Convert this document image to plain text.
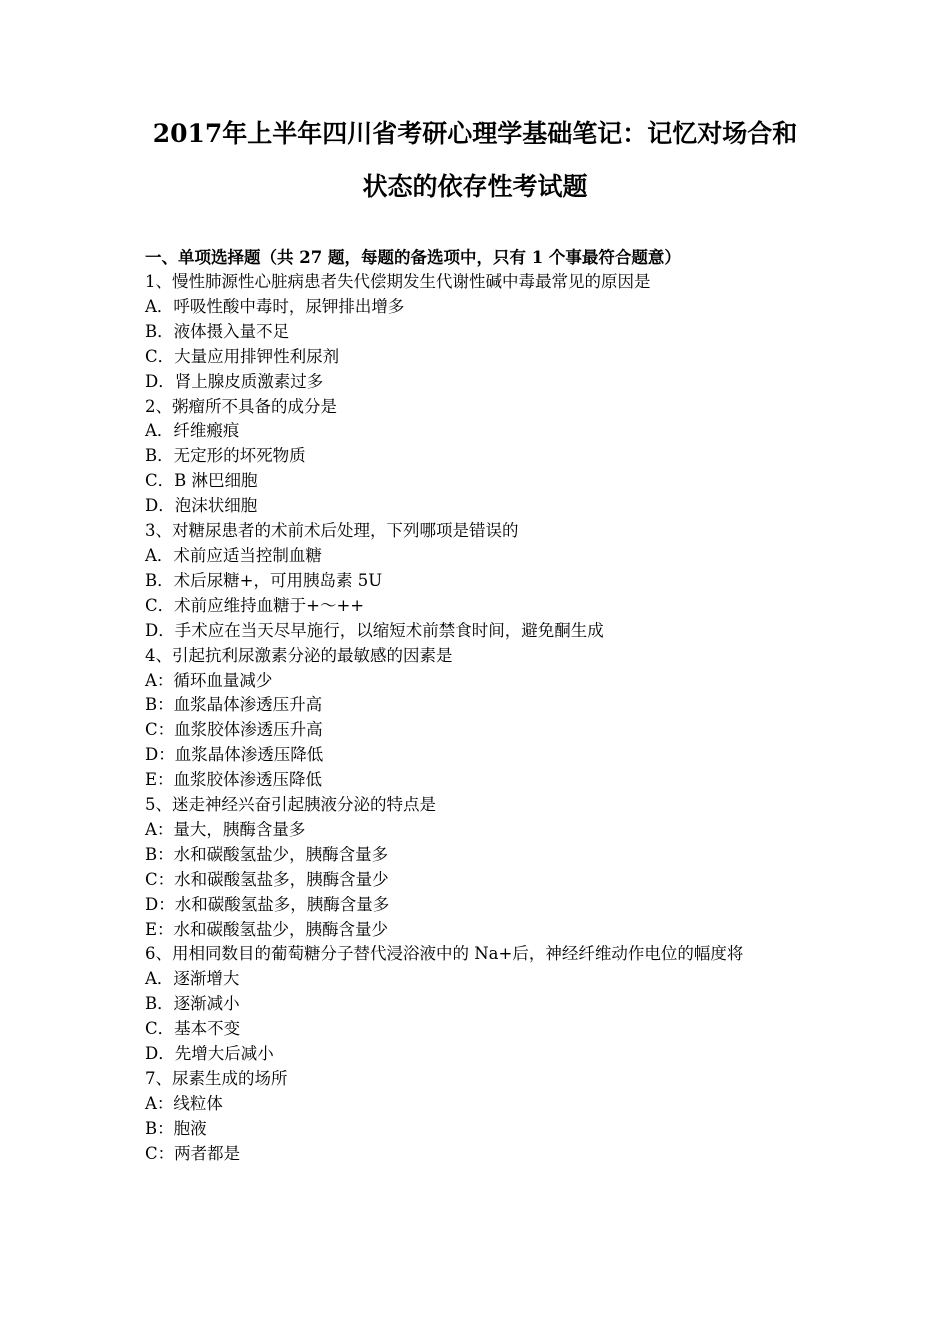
2017年上半年四川省考研心理学基础笔记：记忆对场合和
状态的依存性考试题
一、单项选择题（共 27 题，每题的备选项中，只有 1 个事最符合题意）
1、慢性肺源性心脏病患者失代偿期发生代谢性碱中毒最常见的原因是
A．呼吸性酸中毒时，尿钾排出增多
B．液体摄入量不足
C．大量应用排钾性利尿剂
D．肾上腺皮质激素过多
2、粥瘤所不具备的成分是
A．纤维瘢痕
B．无定形的坏死物质
C．B 淋巴细胞
D．泡沫状细胞
3、对糖尿患者的术前术后处理，下列哪项是错误的
A．术前应适当控制血糖
B．术后尿糖+，可用胰岛素 5U
C．术前应维持血糖于+～++
D．手术应在当天尽早施行，以缩短术前禁食时间，避免酮生成
4、引起抗利尿激素分泌的最敏感的因素是
A：循环血量减少
B：血浆晶体渗透压升高
C：血浆胶体渗透压升高
D：血浆晶体渗透压降低
E：血浆胶体渗透压降低
5、迷走神经兴奋引起胰液分泌的特点是
A：量大，胰酶含量多
B：水和碳酸氢盐少，胰酶含量多
C：水和碳酸氢盐多，胰酶含量少
D：水和碳酸氢盐多，胰酶含量多
E：水和碳酸氢盐少，胰酶含量少
6、用相同数目的葡萄糖分子替代浸浴液中的 Na+后，神经纤维动作电位的幅度将
A．逐渐增大
B．逐渐减小
C．基本不变
D．先增大后减小
7、尿素生成的场所
A：线粒体
B：胞液
C：两者都是
